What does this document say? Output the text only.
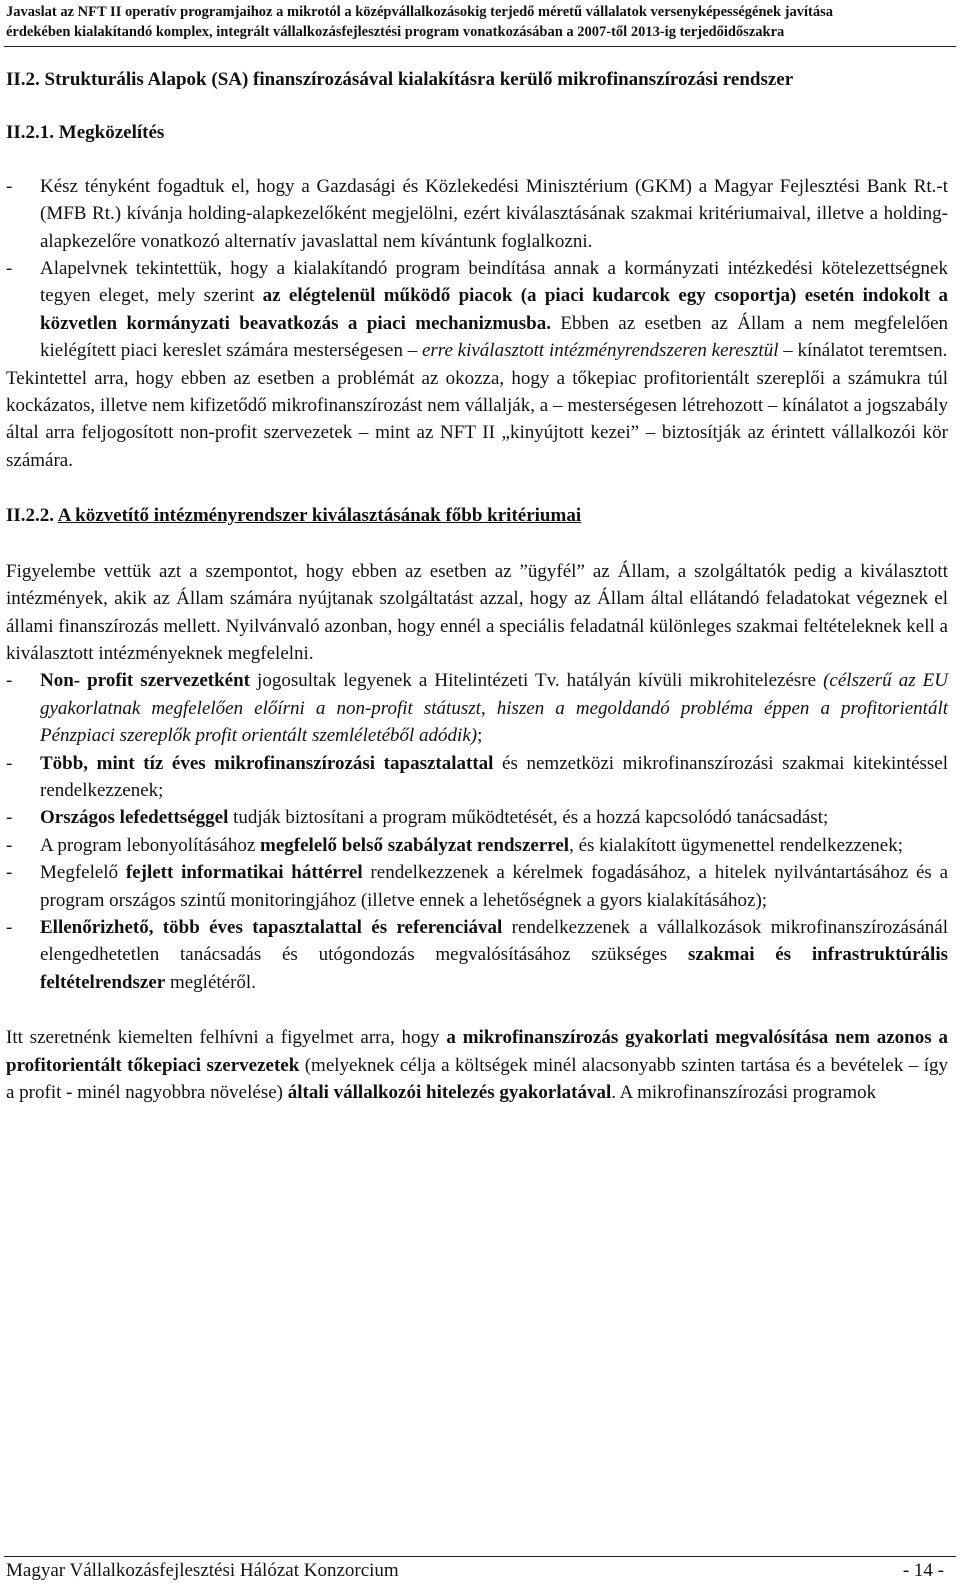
Javaslat az NFT II operatív programjaihoz a mikrotól a középvállalkozásokig terjedő méretű vállalatok versenyképességének javítása
érdekében kialakítandó komplex, integrált vállalkozásfejlesztési program vonatkozásában a 2007-től 2013-ig terjedőidőszakra

II.2. Strukturális Alapok (SA) finanszírozásával kialakításra kerülő mikrofinanszírozási rendszer

II.2.1. Megközelítés

-	Kész tényként fogadtuk el, hogy a Gazdasági és Közlekedési Minisztérium (GKM) a Magyar Fejlesztési Bank Rt.-t (MFB Rt.) kívánja holding-alapkezelőként megjelölni, ezért kiválasztásának szakmai kritériumaival, illetve a holding-alapkezelőre vonatkozó alternatív javaslattal nem kívántunk foglalkozni.
-	Alapelvnek tekintettük, hogy a kialakítandó program beindítása annak a kormányzati intézkedési kötelezettségnek tegyen eleget, mely szerint az elégtelenül működő piacok (a piaci kudarcok egy csoportja) esetén indokolt a közvetlen kormányzati beavatkozás a piaci mechanizmusba. Ebben az esetben az Állam a nem megfelelően kielégített piaci kereslet számára mesterségesen – erre kiválasztott intézményrendszeren keresztül – kínálatot teremtsen.

Tekintettel arra, hogy ebben az esetben a problémát az okozza, hogy a tőkepiac profitorientált szereplői a számukra túl kockázatos, illetve nem kifizetődő mikrofinanszírozást nem vállalják, a – mesterségesen létrehozott – kínálatot a jogszabály által arra feljogosított non-profit szervezetek – mint az NFT II „kinyújtott kezei” – biztosítják az érintett vállalkozói kör számára.

II.2.2. A közvetítő intézményrendszer kiválasztásának főbb kritériumai

Figyelembe vettük azt a szempontot, hogy ebben az esetben az ”ügyfél” az Állam, a szolgáltatók pedig a kiválasztott intézmények, akik az Állam számára nyújtanak szolgáltatást azzal, hogy az Állam által ellátandó feladatokat végeznek el állami finanszírozás mellett. Nyilvánvaló azonban, hogy ennél a speciális feladatnál különleges szakmai feltételeknek kell a kiválasztott intézményeknek megfelelni.

-	Non- profit szervezetként jogosultak legyenek a Hitelintézeti Tv. hatályán kívüli mikrohitelezésre (célszerű az EU gyakorlatnak megfelelően előírni a non-profit státuszt, hiszen a megoldandó probléma éppen a profitorientált Pénzpiaci szereplők profit orientált szemléletéből adódik);
-	Több, mint tíz éves mikrofinanszírozási tapasztalattal és nemzetközi mikrofinanszírozási szakmai kitekintéssel rendelkezzenek;
-	Országos lefedettséggel tudják biztosítani a program működtetését, és a hozzá kapcsolódó tanácsadást;
-	A program lebonyolításához megfelelő belső szabályzat rendszerrel, és kialakított ügymenettel rendelkezzenek;
-	Megfelelő fejlett informatikai háttérrel rendelkezzenek a kérelmek fogadásához, a hitelek nyilvántartásához és a program országos szintű monitoringjához (illetve ennek a lehetőségnek a gyors kialakításához);
-	Ellenőrizhető, több éves tapasztalattal és referenciával rendelkezzenek a vállalkozások mikrofinanszírozásánál elengedhetetlen tanácsadás és utógondozás megvalósításához szükséges szakmai és infrastruktúrális feltételrendszer meglétéről.

Itt szeretnénk kiemelten felhívni a figyelmet arra, hogy a mikrofinanszírozás gyakorlati megvalósítása nem azonos a profitorientált tőkepiaci szervezetek (melyeknek célja a költségek minél alacsonyabb szinten tartása és a bevételek – így a profit - minél nagyobbra növelése) általi vállalkozói hitelezés gyakorlatával. A mikrofinanszírozási programok

Magyar Vállalkozásfejlesztési Hálózat Konzorcium	- 14 -
